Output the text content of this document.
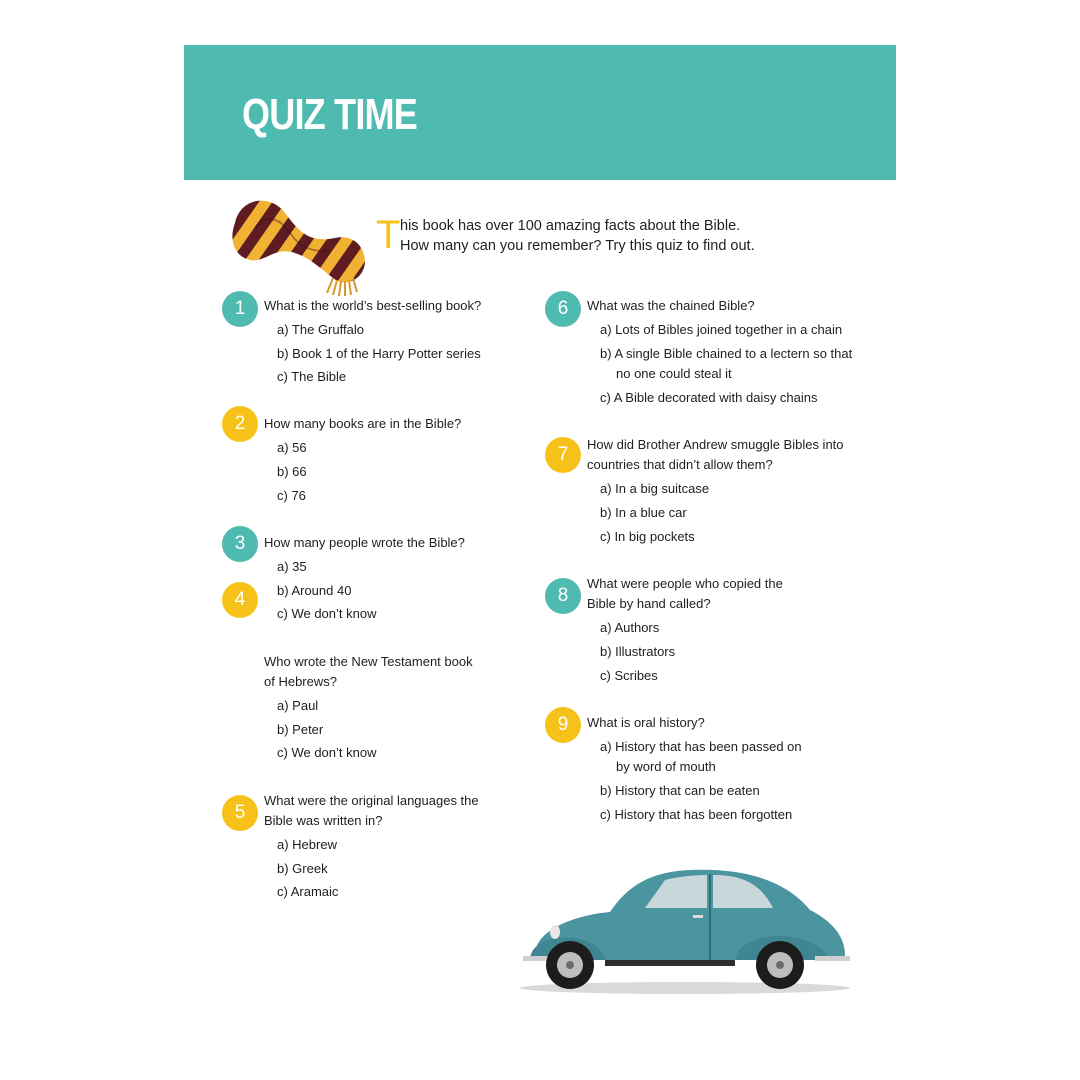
QUIZ TIME
T his book has over 100 amazing facts about the Bible.
How many can you remember? Try this quiz to find out.
1	What is the world’s best-selling book?
a) The Gruffalo
b) Book 1 of the Harry Potter series
c) The Bible
2	How many books are in the Bible?
a) 56
b) 66
c) 76
3	How many people wrote the Bible?
a) 35
b) Around 40
c) We don’t know
4
Who wrote the New Testament book
of Hebrews?
a) Paul
b) Peter
c) We don’t know
5
What were the original languages the
Bible was written in?
a) Hebrew
b) Greek
c) Aramaic
6	What was the chained Bible?
a) Lots of Bibles joined together in a chain
b) A single Bible chained to a lectern so that
no one could steal it
c) A Bible decorated with daisy chains
7	How did Brother Andrew smuggle Bibles into
countries that didn’t allow them?
a) In a big suitcase
b) In a blue car
c) In big pockets
8
What were people who copied the
Bible by hand called?
a) Authors
b) Illustrators
c) Scribes
9	What is oral history?
a) History that has been passed on
by word of mouth
b) History that can be eaten
c) History that has been forgotten
